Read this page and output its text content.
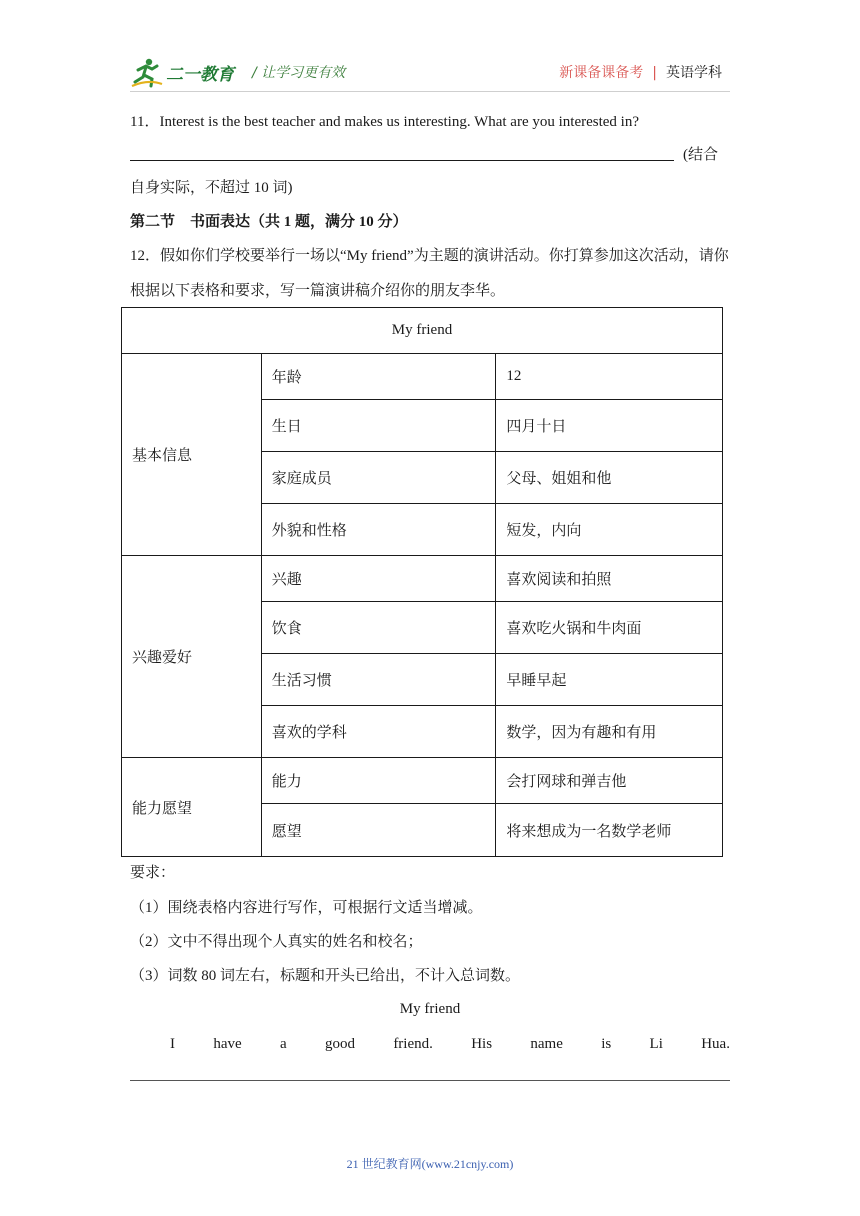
二一教育 / 让学习更有效	新课备课备考 | 英语学科
11．Interest is the best teacher and makes us interesting. What are you interested in?
(结合
自身实际，不超过 10 词)
第二节　书面表达（共 1 题，满分 10 分）
12．假如你们学校要举行一场以“My friend”为主题的演讲活动。你打算参加这次活动，请你
根据以下表格和要求，写一篇演讲稿介绍你的朋友李华。
My friend		
基本信息	年龄	12
	生日	四月十日
	家庭成员	父母、姐姐和他
	外貌和性格	短发，内向
兴趣爱好	兴趣	喜欢阅读和拍照
	饮食	喜欢吃火锅和牛肉面
	生活习惯	早睡早起
	喜欢的学科	数学，因为有趣和有用
能力愿望	能力	会打网球和弹吉他
	愿望	将来想成为一名数学老师
要求：
（1）围绕表格内容进行写作，可根据行文适当增减。
（2）文中不得出现个人真实的姓名和校名；
（3）词数 80 词左右，标题和开头已给出，不计入总词数。
My friend
I	have	a	good	friend.	His	name	is	Li	Hua.
21 世纪教育网(www.21cnjy.com)
